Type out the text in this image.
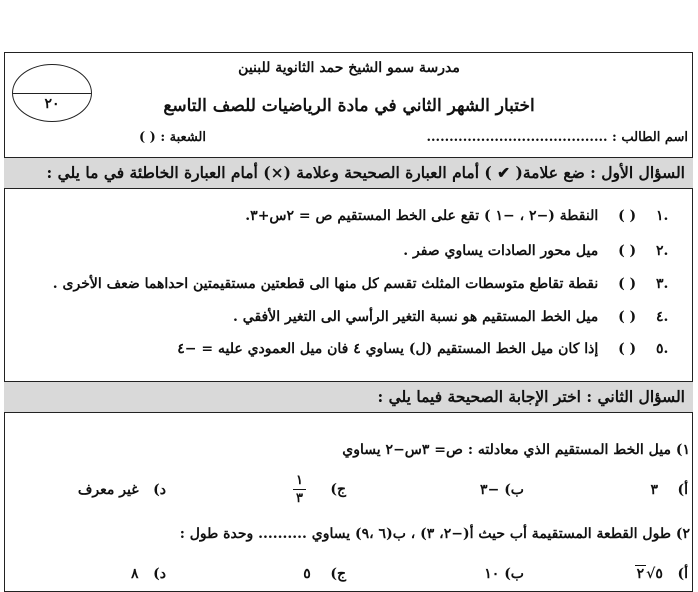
مدرسة سمو الشيخ حمد الثانوية للبنين
اختبار الشهر الثاني في مادة الرياضيات للصف التاسع
٢٠
اسم الطالب : ........................................
الشعبة : ( )
السؤال الأول : ضع علامة( ✔ ) أمام العبارة الصحيحة وعلامة (×) أمام العبارة الخاطئة في ما يلي :
١. ( ) النقطة (−٢ ، −١ ) تقع على الخط المستقيم ص = ٢س+٣.
٢. ( ) ميل محور الصادات يساوي صفر .
٣. ( ) نقطة تقاطع متوسطات المثلث تقسم كل منها الى قطعتين مستقيمتين احداهما ضعف الأخرى .
٤. ( ) ميل الخط المستقيم هو نسبة التغير الرأسي الى التغير الأفقي .
٥. ( ) إذا كان ميل الخط المستقيم (ل) يساوي ٤ فان ميل العمودي عليه = −٤
السؤال الثاني : اختر الإجابة الصحيحة فيما يلي :
١) ميل الخط المستقيم الذي معادلته : ص= ٣س−٢ يساوي
أ)    ٣
ب) −٣
ج)
$\frac{١}{٣}$
د)   غير معرف
٢) طول القطعة المستقيمة أب حيث أ(−٢، ٣) ، ب(٦ ،٩) يساوي .......... وحدة طول :
أ)   ٥√٢
ب) ١٠
ج)    ٥
د)   ٨
